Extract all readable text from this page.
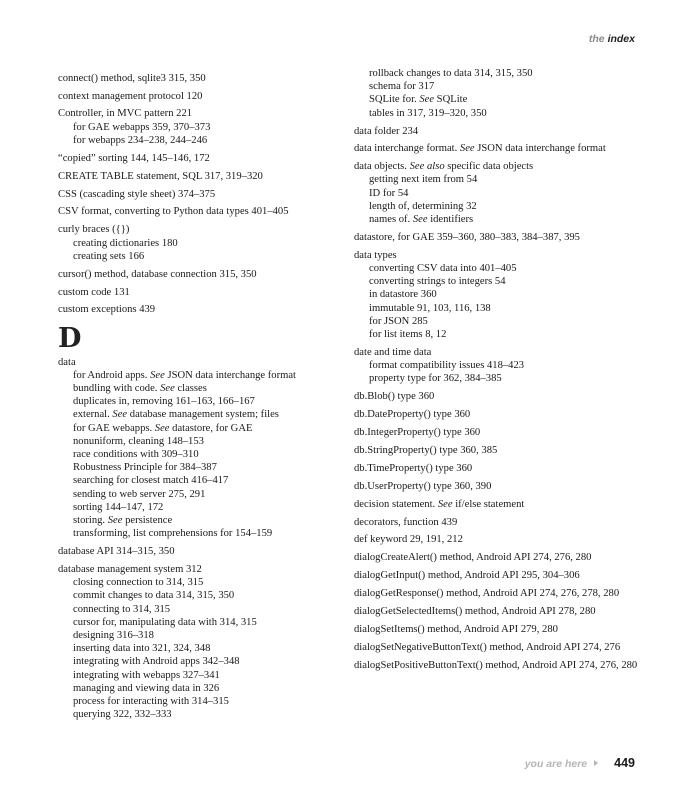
the index
connect() method, sqlite3 315, 350
context management protocol 120
Controller, in MVC pattern 221
for GAE webapps 359, 370–373
for webapps 234–238, 244–246
“copied” sorting 144, 145–146, 172
CREATE TABLE statement, SQL 317, 319–320
CSS (cascading style sheet) 374–375
CSV format, converting to Python data types 401–405
curly braces ({})
creating dictionaries 180
creating sets 166
cursor() method, database connection 315, 350
custom code 131
custom exceptions 439
D
data
for Android apps. See JSON data interchange format
bundling with code. See classes
duplicates in, removing 161–163, 166–167
external. See database management system; files
for GAE webapps. See datastore, for GAE
nonuniform, cleaning 148–153
race conditions with 309–310
Robustness Principle for 384–387
searching for closest match 416–417
sending to web server 275, 291
sorting 144–147, 172
storing. See persistence
transforming, list comprehensions for 154–159
database API 314–315, 350
database management system 312
closing connection to 314, 315
commit changes to data 314, 315, 350
connecting to 314, 315
cursor for, manipulating data with 314, 315
designing 316–318
inserting data into 321, 324, 348
integrating with Android apps 342–348
integrating with webapps 327–341
managing and viewing data in 326
process for interacting with 314–315
querying 322, 332–333
rollback changes to data 314, 315, 350
schema for 317
SQLite for. See SQLite
tables in 317, 319–320, 350
data folder 234
data interchange format. See JSON data interchange format
data objects. See also specific data objects
getting next item from 54
ID for 54
length of, determining 32
names of. See identifiers
datastore, for GAE 359–360, 380–383, 384–387, 395
data types
converting CSV data into 401–405
converting strings to integers 54
in datastore 360
immutable 91, 103, 116, 138
for JSON 285
for list items 8, 12
date and time data
format compatibility issues 418–423
property type for 362, 384–385
db.Blob() type 360
db.DateProperty() type 360
db.IntegerProperty() type 360
db.StringProperty() type 360, 385
db.TimeProperty() type 360
db.UserProperty() type 360, 390
decision statement. See if/else statement
decorators, function 439
def keyword 29, 191, 212
dialogCreateAlert() method, Android API 274, 276, 280
dialogGetInput() method, Android API 295, 304–306
dialogGetResponse() method, Android API 274, 276, 278, 280
dialogGetSelectedItems() method, Android API 278, 280
dialogSetItems() method, Android API 279, 280
dialogSetNegativeButtonText() method, Android API 274, 276
dialogSetPositiveButtonText() method, Android API 274, 276, 280
you are here 449
